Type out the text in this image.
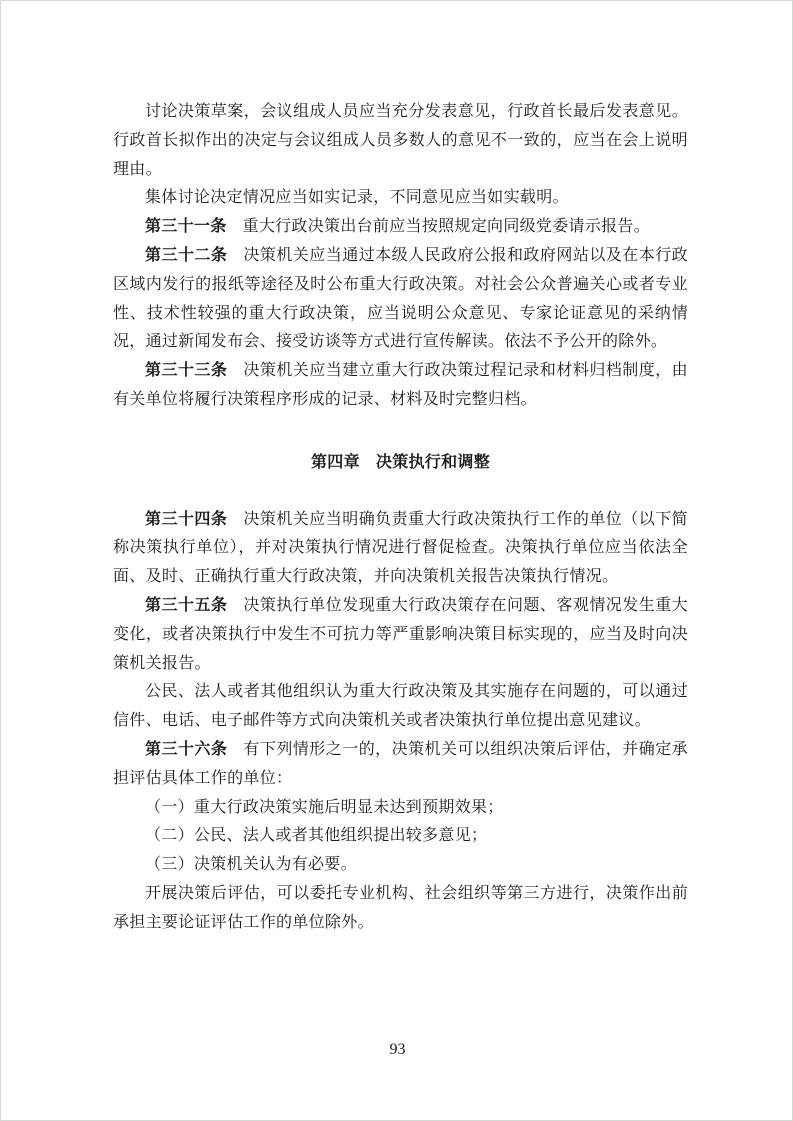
讨论决策草案，会议组成人员应当充分发表意见，行政首长最后发表意见。行政首长拟作出的决定与会议组成人员多数人的意见不一致的，应当在会上说明理由。

集体讨论决定情况应当如实记录，不同意见应当如实载明。

第三十一条 重大行政决策出台前应当按照规定向同级党委请示报告。

第三十二条 决策机关应当通过本级人民政府公报和政府网站以及在本行政区域内发行的报纸等途径及时公布重大行政决策。对社会公众普遍关心或者专业性、技术性较强的重大行政决策，应当说明公众意见、专家论证意见的采纳情况，通过新闻发布会、接受访谈等方式进行宣传解读。依法不予公开的除外。

第三十三条 决策机关应当建立重大行政决策过程记录和材料归档制度，由有关单位将履行决策程序形成的记录、材料及时完整归档。

第四章 决策执行和调整

第三十四条 决策机关应当明确负责重大行政决策执行工作的单位（以下简称决策执行单位），并对决策执行情况进行督促检查。决策执行单位应当依法全面、及时、正确执行重大行政决策，并向决策机关报告决策执行情况。

第三十五条 决策执行单位发现重大行政决策存在问题、客观情况发生重大变化，或者决策执行中发生不可抗力等严重影响决策目标实现的，应当及时向决策机关报告。

公民、法人或者其他组织认为重大行政决策及其实施存在问题的，可以通过信件、电话、电子邮件等方式向决策机关或者决策执行单位提出意见建议。

第三十六条 有下列情形之一的，决策机关可以组织决策后评估，并确定承担评估具体工作的单位：

（一）重大行政决策实施后明显未达到预期效果；

（二）公民、法人或者其他组织提出较多意见；

（三）决策机关认为有必要。

开展决策后评估，可以委托专业机构、社会组织等第三方进行，决策作出前承担主要论证评估工作的单位除外。

93
